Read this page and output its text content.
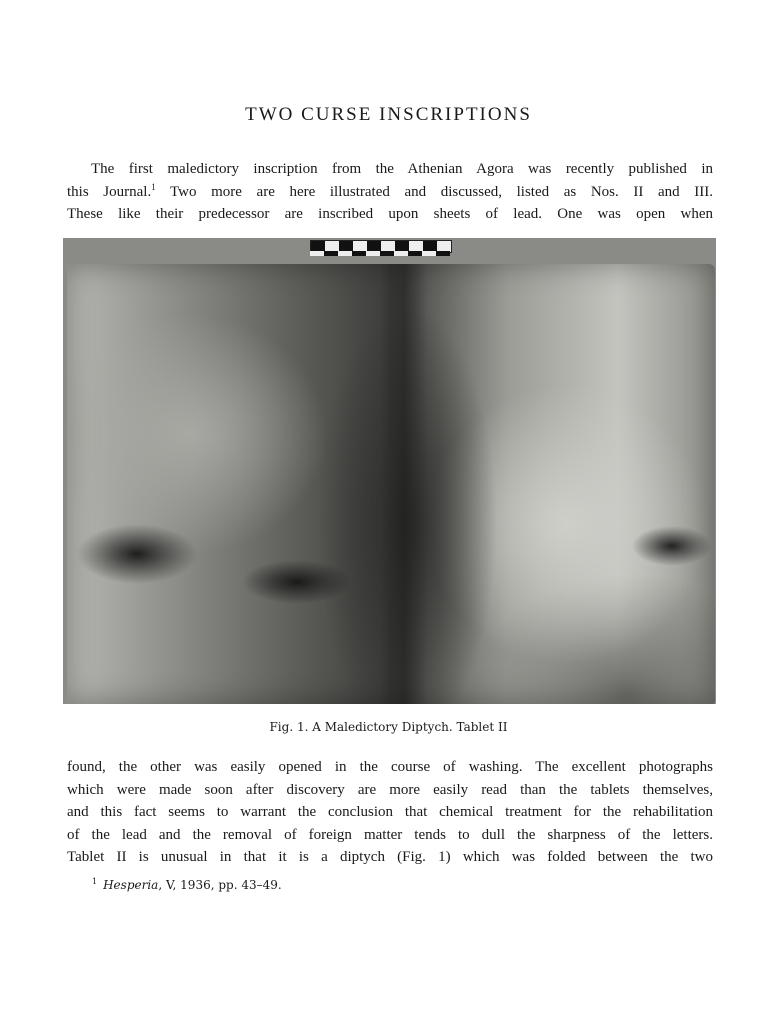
TWO CURSE INSCRIPTIONS
The first maledictory inscription from the Athenian Agora was recently published in
this Journal.$^1$ Two more are here illustrated and discussed, listed as Nos. II and III.
These like their predecessor are inscribed upon sheets of lead. One was open when
Fig. 1. A Maledictory Diptych. Tablet II
found, the other was easily opened in the course of washing. The excellent photographs
which were made soon after discovery are more easily read than the tablets themselves,
and this fact seems to warrant the conclusion that chemical treatment for the rehabilitation
of the lead and the removal of foreign matter tends to dull the sharpness of the letters.
Tablet II is unusual in that it is a diptych (Fig. 1) which was folded between the two
$^1$ Hesperia, V, 1936, pp. 43–49.
